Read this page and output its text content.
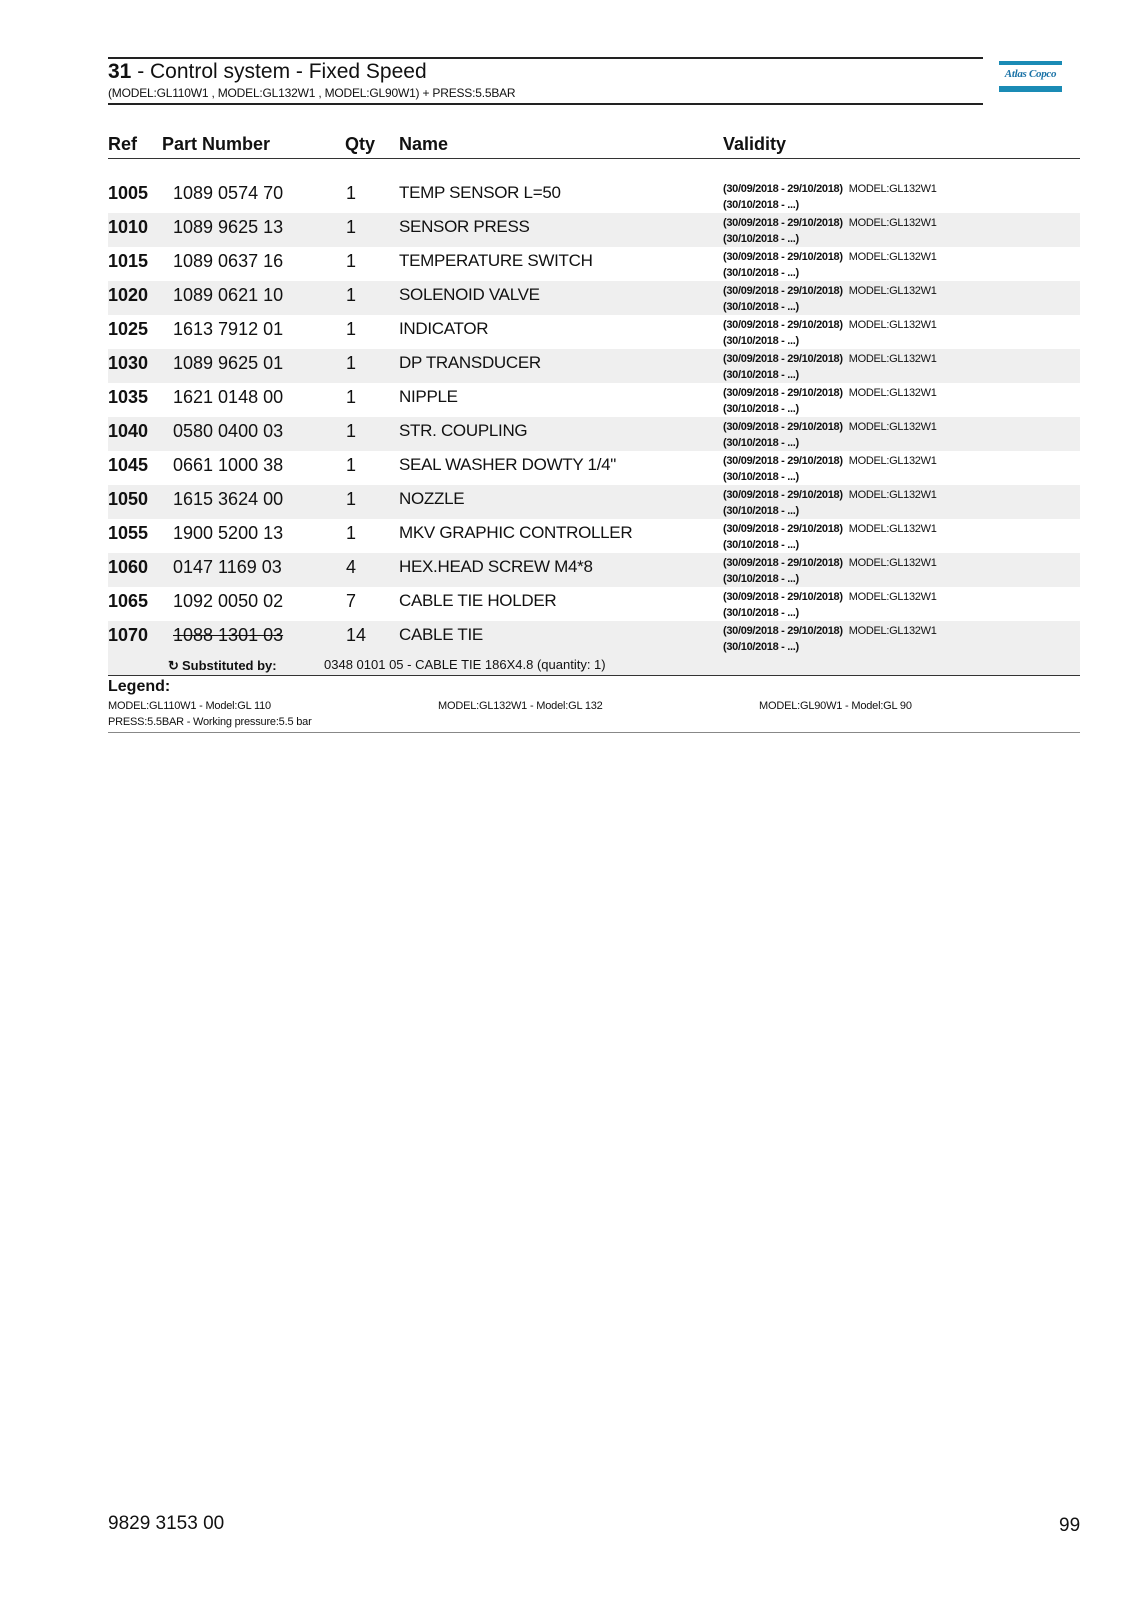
31 - Control system - Fixed Speed
(MODEL:GL110W1 , MODEL:GL132W1 , MODEL:GL90W1) + PRESS:5.5BAR
Atlas Copco
Ref Part Number	Qty Name	Validity
1005 1089 0574 70	1	TEMP SENSOR L=50	(30/09/2018 - 29/10/2018) MODEL:GL132W1
(30/10/2018 - ...)
1010 1089 9625 13	1	SENSOR PRESS	(30/09/2018 - 29/10/2018) MODEL:GL132W1
(30/10/2018 - ...)
1015 1089 0637 16	1	TEMPERATURE SWITCH	(30/09/2018 - 29/10/2018) MODEL:GL132W1
(30/10/2018 - ...)
1020 1089 0621 10	1	SOLENOID VALVE	(30/09/2018 - 29/10/2018) MODEL:GL132W1
(30/10/2018 - ...)
1025 1613 7912 01	1	INDICATOR	(30/09/2018 - 29/10/2018) MODEL:GL132W1
(30/10/2018 - ...)
1030 1089 9625 01	1	DP TRANSDUCER	(30/09/2018 - 29/10/2018) MODEL:GL132W1
(30/10/2018 - ...)
1035 1621 0148 00	1	NIPPLE	(30/09/2018 - 29/10/2018) MODEL:GL132W1
(30/10/2018 - ...)
1040 0580 0400 03	1	STR. COUPLING	(30/09/2018 - 29/10/2018) MODEL:GL132W1
(30/10/2018 - ...)
1045 0661 1000 38	1	SEAL WASHER DOWTY 1/4"	(30/09/2018 - 29/10/2018) MODEL:GL132W1
(30/10/2018 - ...)
1050 1615 3624 00	1	NOZZLE	(30/09/2018 - 29/10/2018) MODEL:GL132W1
(30/10/2018 - ...)
1055 1900 5200 13	1	MKV GRAPHIC CONTROLLER	(30/09/2018 - 29/10/2018) MODEL:GL132W1
(30/10/2018 - ...)
1060 0147 1169 03	4	HEX.HEAD SCREW M4*8	(30/09/2018 - 29/10/2018) MODEL:GL132W1
(30/10/2018 - ...)
1065 1092 0050 02	7	CABLE TIE HOLDER	(30/09/2018 - 29/10/2018) MODEL:GL132W1
(30/10/2018 - ...)
1070 1088 1301 03	14 CABLE TIE	(30/09/2018 - 29/10/2018) MODEL:GL132W1
(30/10/2018 - ...)
↻ Substituted by:	0348 0101 05 - CABLE TIE 186X4.8 (quantity: 1)
Legend:
MODEL:GL110W1 - Model:GL 110	MODEL:GL132W1 - Model:GL 132	MODEL:GL90W1 - Model:GL 90
PRESS:5.5BAR - Working pressure:5.5 bar
9829 3153 00	99
